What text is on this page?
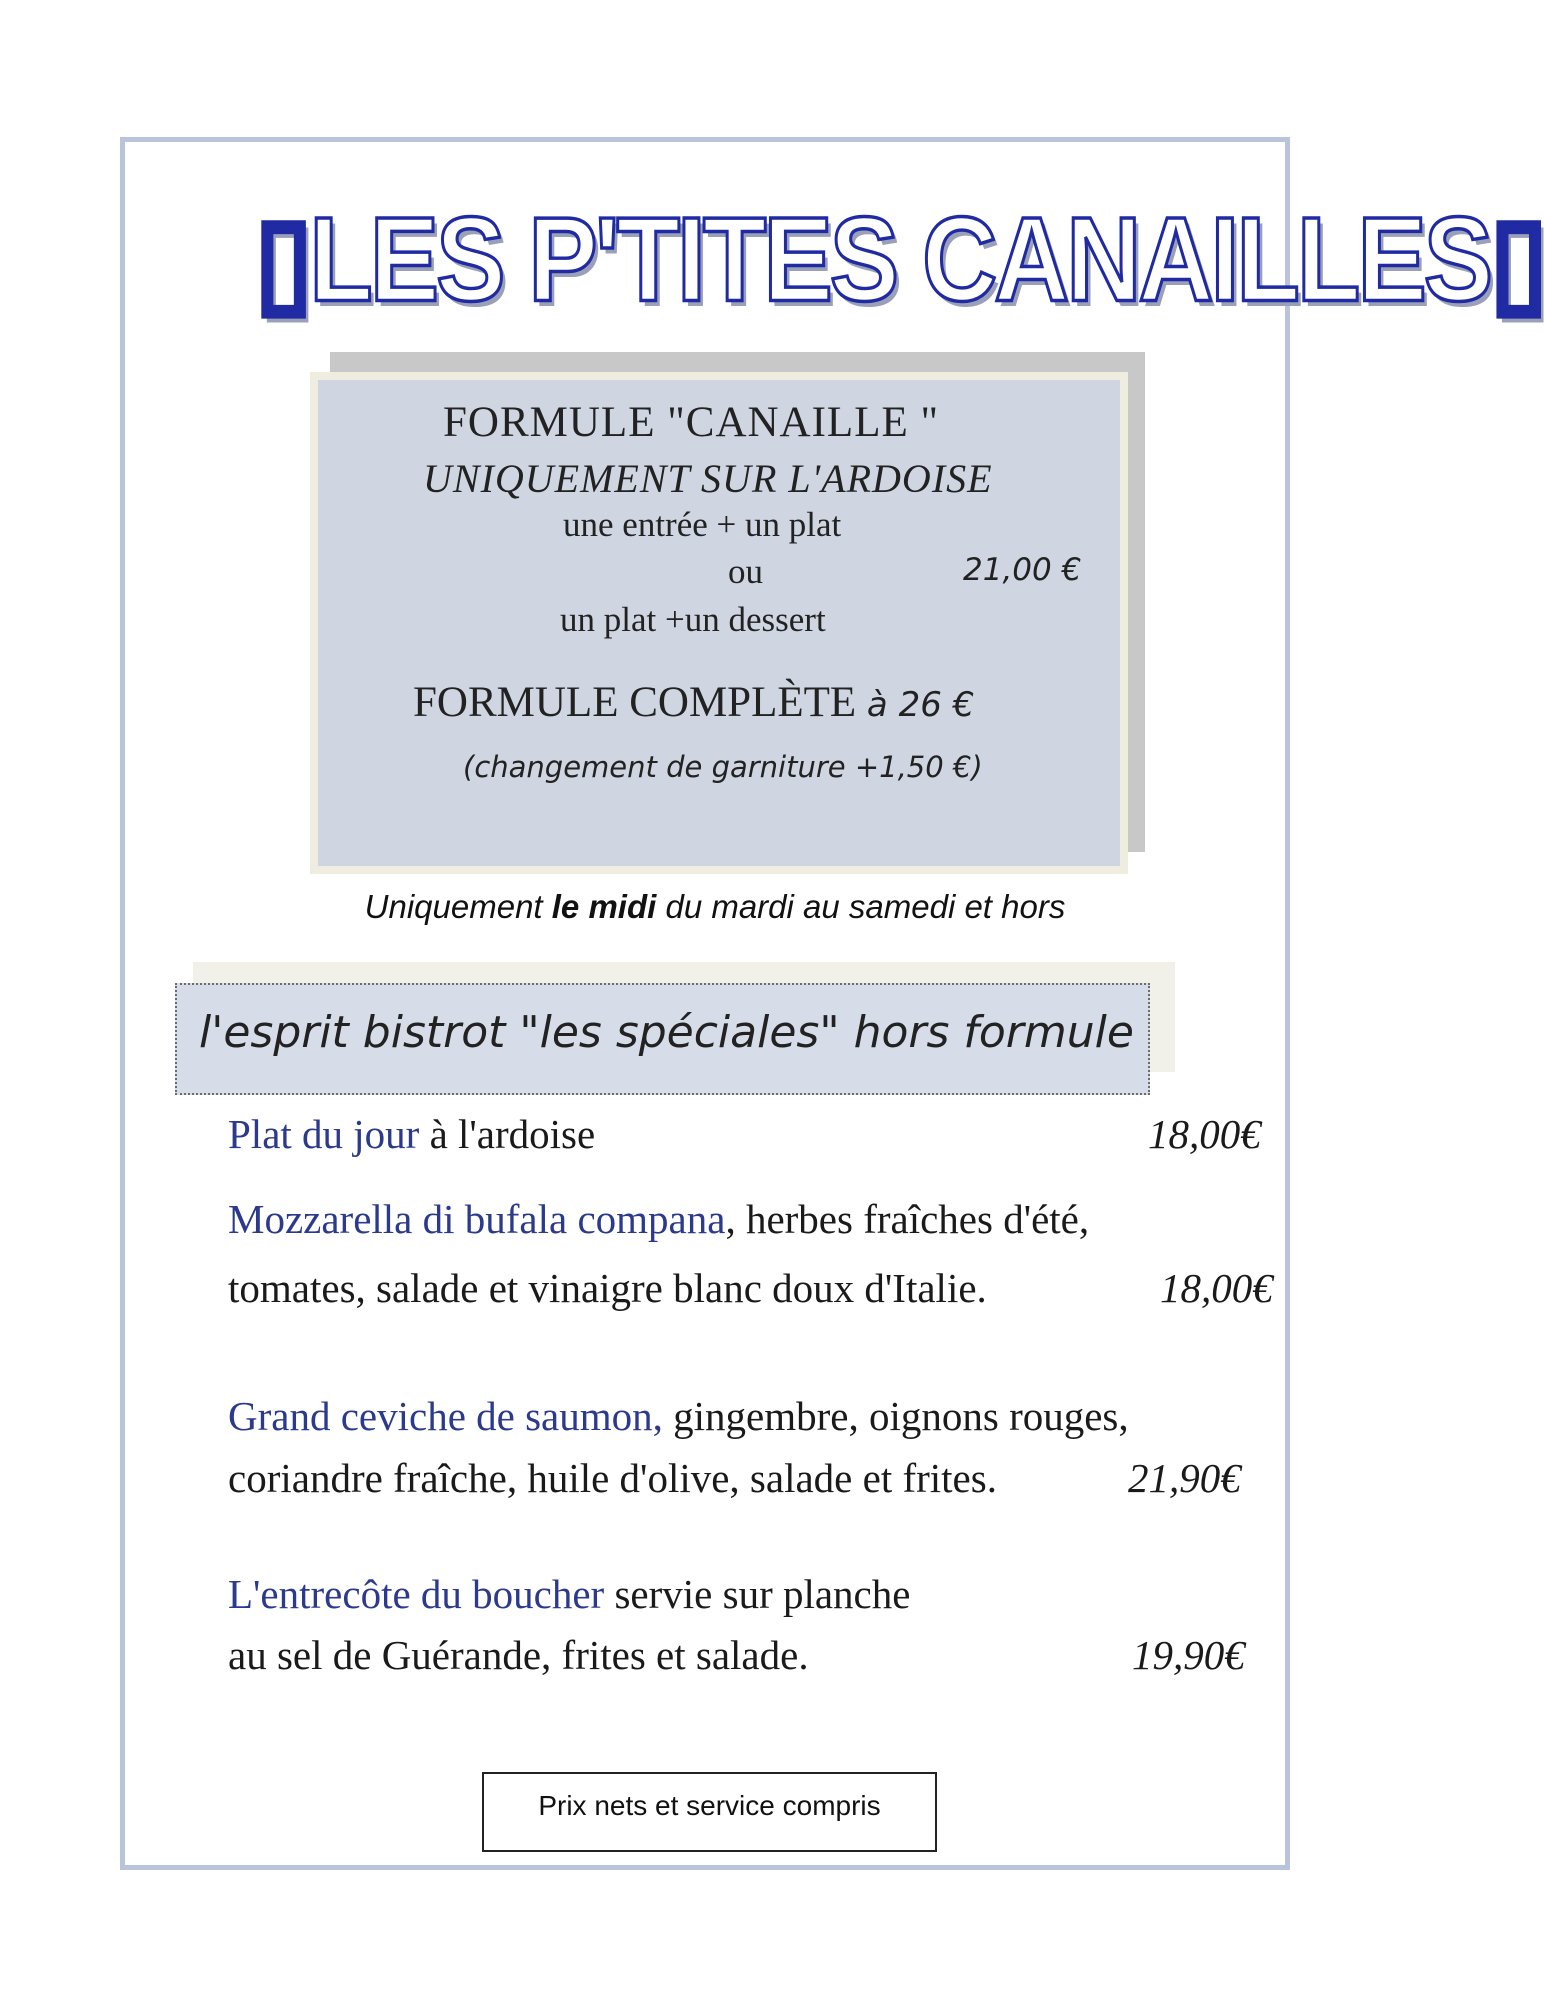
▯LES P'TITES CANAILLES▯
FORMULE "CANAILLE "
UNIQUEMENT SUR L'ARDOISE
une entrée + un plat
ou	21,00 €
un plat +un dessert
FORMULE COMPLÈTE à 26 €
(changement de garniture +1,50 €)
Uniquement le midi du mardi au samedi et hors
l'esprit bistrot "les spéciales" hors formule
Plat du jour à l'ardoise	18,00€
Mozzarella di bufala compana, herbes fraîches d'été,
tomates, salade et vinaigre blanc doux d'Italie.	18,00€
Grand ceviche de saumon, gingembre, oignons rouges,
coriandre fraîche, huile d'olive, salade et frites.	21,90€
L'entrecôte du boucher servie sur planche
au sel de Guérande, frites et salade.	19,90€
Prix nets et service compris
